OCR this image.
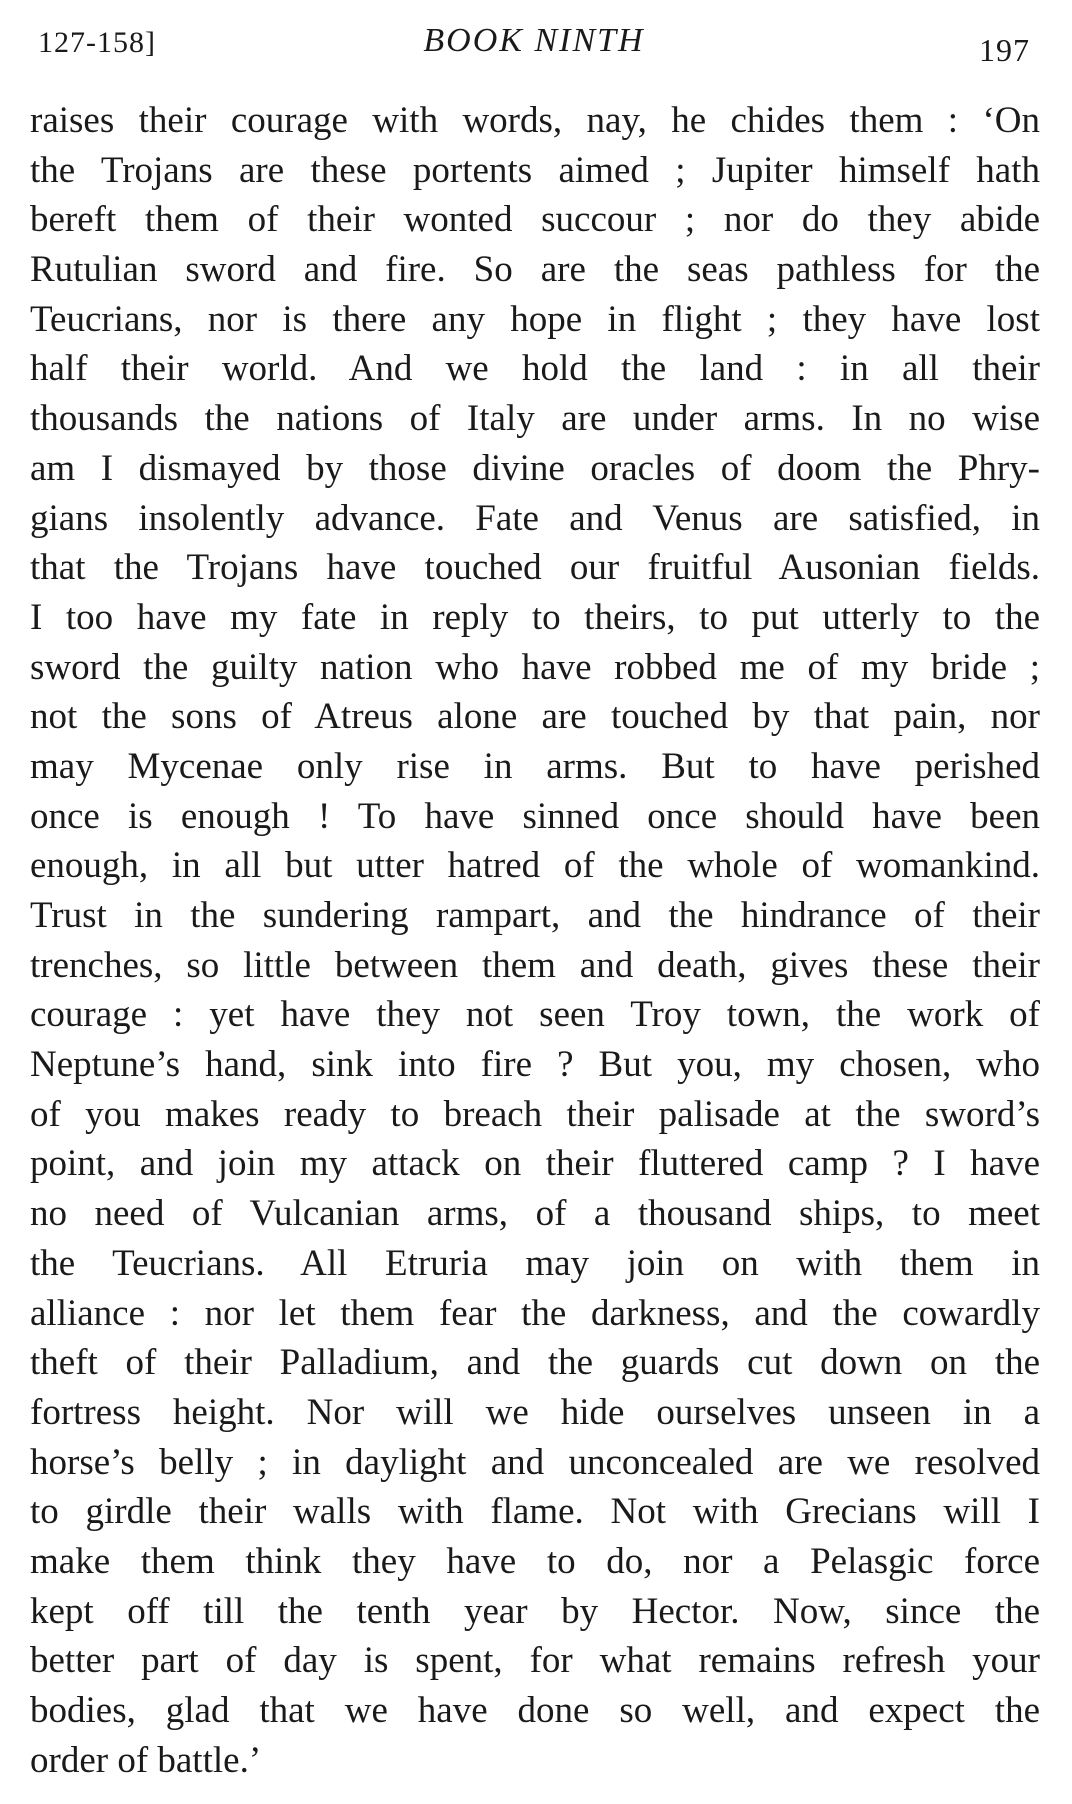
127-158]	BOOK NINTH	197
raises their courage with words, nay, he chides them : ‘On
the Trojans are these portents aimed ; Jupiter himself hath
bereft them of their wonted succour ; nor do they abide
Rutulian sword and fire. So are the seas pathless for the
Teucrians, nor is there any hope in flight ; they have lost
half their world. And we hold the land : in all their
thousands the nations of Italy are under arms. In no wise
am I dismayed by those divine oracles of doom the Phry-
gians insolently advance. Fate and Venus are satisfied, in
that the Trojans have touched our fruitful Ausonian fields.
I too have my fate in reply to theirs, to put utterly to the
sword the guilty nation who have robbed me of my bride ;
not the sons of Atreus alone are touched by that pain, nor
may Mycenae only rise in arms. But to have perished
once is enough ! To have sinned once should have been
enough, in all but utter hatred of the whole of womankind.
Trust in the sundering rampart, and the hindrance of their
trenches, so little between them and death, gives these their
courage : yet have they not seen Troy town, the work of
Neptune’s hand, sink into fire ? But you, my chosen, who
of you makes ready to breach their palisade at the sword’s
point, and join my attack on their fluttered camp ? I have
no need of Vulcanian arms, of a thousand ships, to meet
the Teucrians. All Etruria may join on with them in
alliance : nor let them fear the darkness, and the cowardly
theft of their Palladium, and the guards cut down on the
fortress height. Nor will we hide ourselves unseen in a
horse’s belly ; in daylight and unconcealed are we resolved
to girdle their walls with flame. Not with Grecians will I
make them think they have to do, nor a Pelasgic force
kept off till the tenth year by Hector. Now, since the
better part of day is spent, for what remains refresh your
bodies, glad that we have done so well, and expect the
order of battle.’
